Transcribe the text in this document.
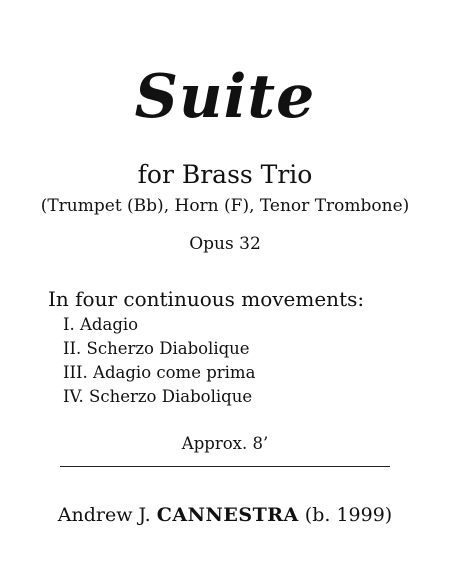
Suite
for Brass Trio
(Trumpet (Bb), Horn (F), Tenor Trombone)
Opus 32
In four continuous movements:
I. Adagio
II. Scherzo Diabolique
III. Adagio come prima
IV. Scherzo Diabolique
Approx. 8’
Andrew J. CANNESTRA (b. 1999)
